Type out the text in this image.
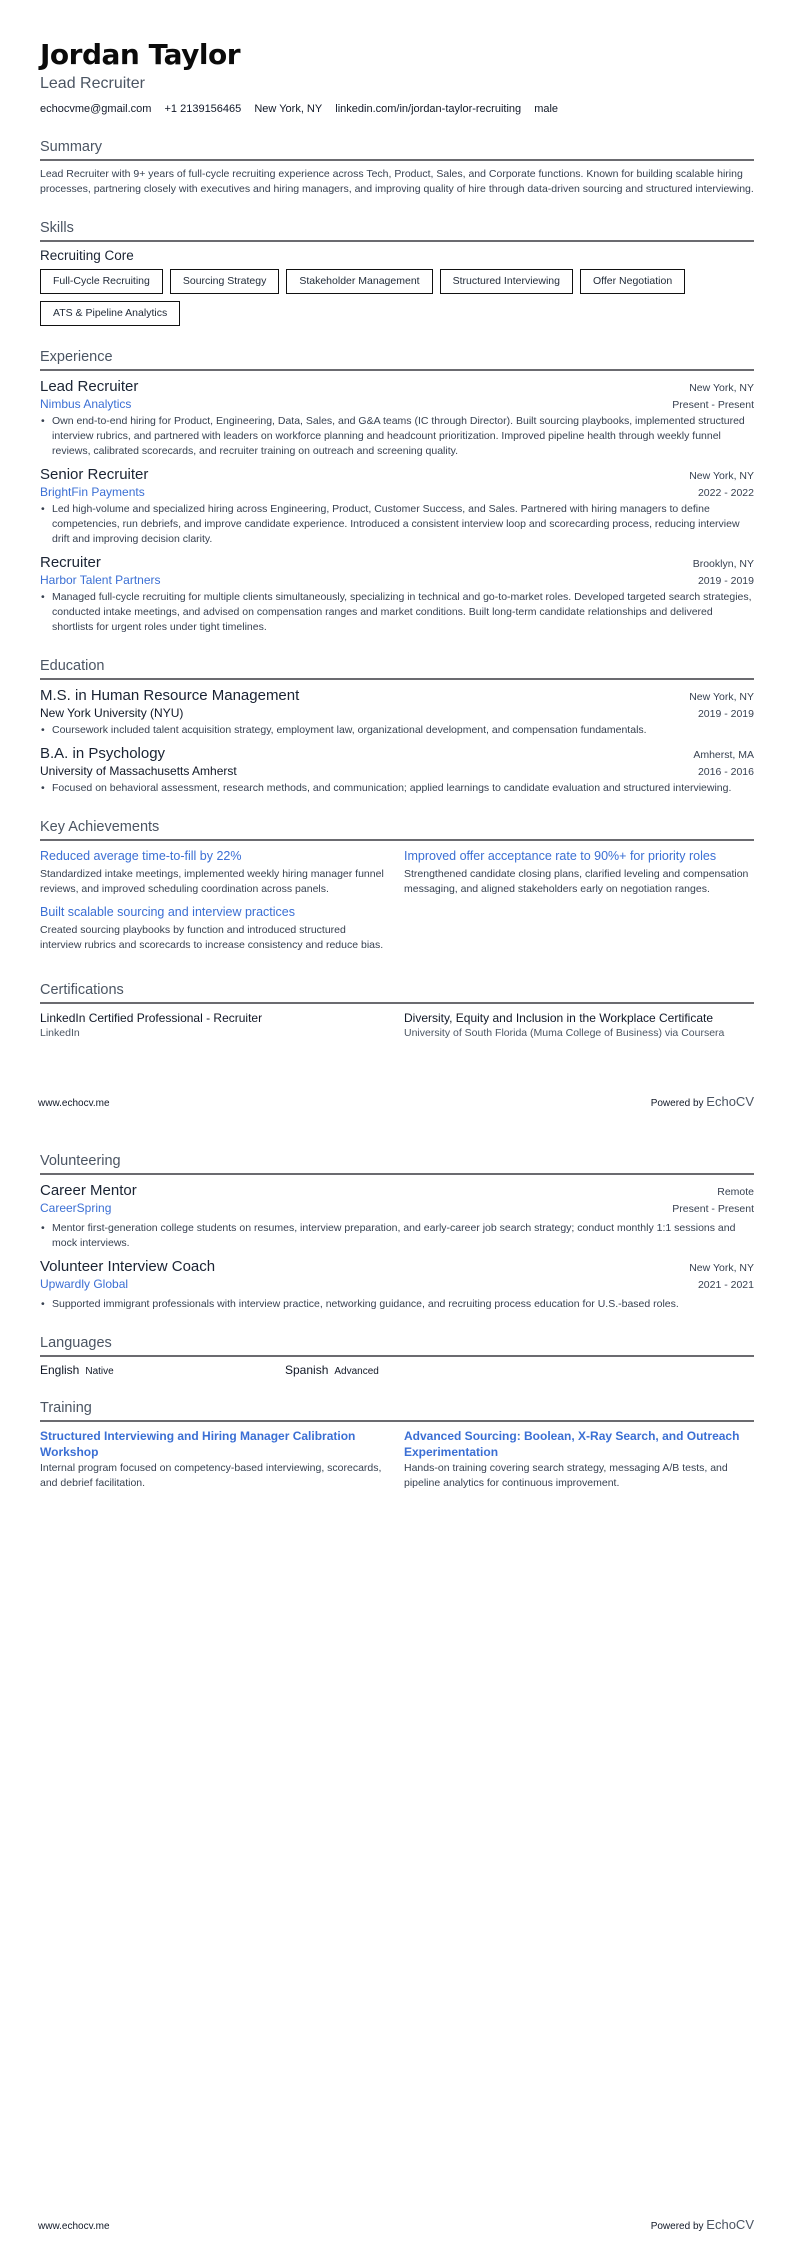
Jordan Taylor
Lead Recruiter
echocvme@gmail.com +1 2139156465 New York, NY linkedin.com/in/jordan-taylor-recruiting male
Summary
Lead Recruiter with 9+ years of full-cycle recruiting experience across Tech, Product, Sales, and Corporate functions. Known for building scalable hiring processes, partnering closely with executives and hiring managers, and improving quality of hire through data-driven sourcing and structured interviewing.
Skills
Recruiting Core
Full-Cycle Recruiting	Sourcing Strategy	Stakeholder Management	Structured Interviewing	Offer Negotiation
ATS & Pipeline Analytics
Experience
Lead Recruiter	New York, NY
Nimbus Analytics	Present - Present
• Own end-to-end hiring for Product, Engineering, Data, Sales, and G&A teams (IC through Director). Built sourcing playbooks, implemented structured interview rubrics, and partnered with leaders on workforce planning and headcount prioritization. Improved pipeline health through weekly funnel reviews, calibrated scorecards, and recruiter training on outreach and screening quality.
Senior Recruiter	New York, NY
BrightFin Payments	2022 - 2022
• Led high-volume and specialized hiring across Engineering, Product, Customer Success, and Sales. Partnered with hiring managers to define competencies, run debriefs, and improve candidate experience. Introduced a consistent interview loop and scorecarding process, reducing interview drift and improving decision clarity.
Recruiter	Brooklyn, NY
Harbor Talent Partners	2019 - 2019
• Managed full-cycle recruiting for multiple clients simultaneously, specializing in technical and go-to-market roles. Developed targeted search strategies, conducted intake meetings, and advised on compensation ranges and market conditions. Built long-term candidate relationships and delivered shortlists for urgent roles under tight timelines.
Education
M.S. in Human Resource Management	New York, NY
New York University (NYU)	2019 - 2019
• Coursework included talent acquisition strategy, employment law, organizational development, and compensation fundamentals.
B.A. in Psychology	Amherst, MA
University of Massachusetts Amherst	2016 - 2016
• Focused on behavioral assessment, research methods, and communication; applied learnings to candidate evaluation and structured interviewing.
Key Achievements
Reduced average time-to-fill by 22%
Standardized intake meetings, implemented weekly hiring manager funnel reviews, and improved scheduling coordination across panels.
Improved offer acceptance rate to 90%+ for priority roles
Strengthened candidate closing plans, clarified leveling and compensation messaging, and aligned stakeholders early on negotiation ranges.
Built scalable sourcing and interview practices
Created sourcing playbooks by function and introduced structured interview rubrics and scorecards to increase consistency and reduce bias.
Certifications
LinkedIn Certified Professional - Recruiter
LinkedIn
Diversity, Equity and Inclusion in the Workplace Certificate
University of South Florida (Muma College of Business) via Coursera
www.echocv.me	Powered by EchoCV
Volunteering
Career Mentor	Remote
CareerSpring	Present - Present
• Mentor first-generation college students on resumes, interview preparation, and early-career job search strategy; conduct monthly 1:1 sessions and mock interviews.
Volunteer Interview Coach	New York, NY
Upwardly Global	2021 - 2021
• Supported immigrant professionals with interview practice, networking guidance, and recruiting process education for U.S.-based roles.
Languages
English Native	Spanish Advanced
Training
Structured Interviewing and Hiring Manager Calibration Workshop
Internal program focused on competency-based interviewing, scorecards, and debrief facilitation.
Advanced Sourcing: Boolean, X-Ray Search, and Outreach Experimentation
Hands-on training covering search strategy, messaging A/B tests, and pipeline analytics for continuous improvement.
www.echocv.me	Powered by EchoCV
